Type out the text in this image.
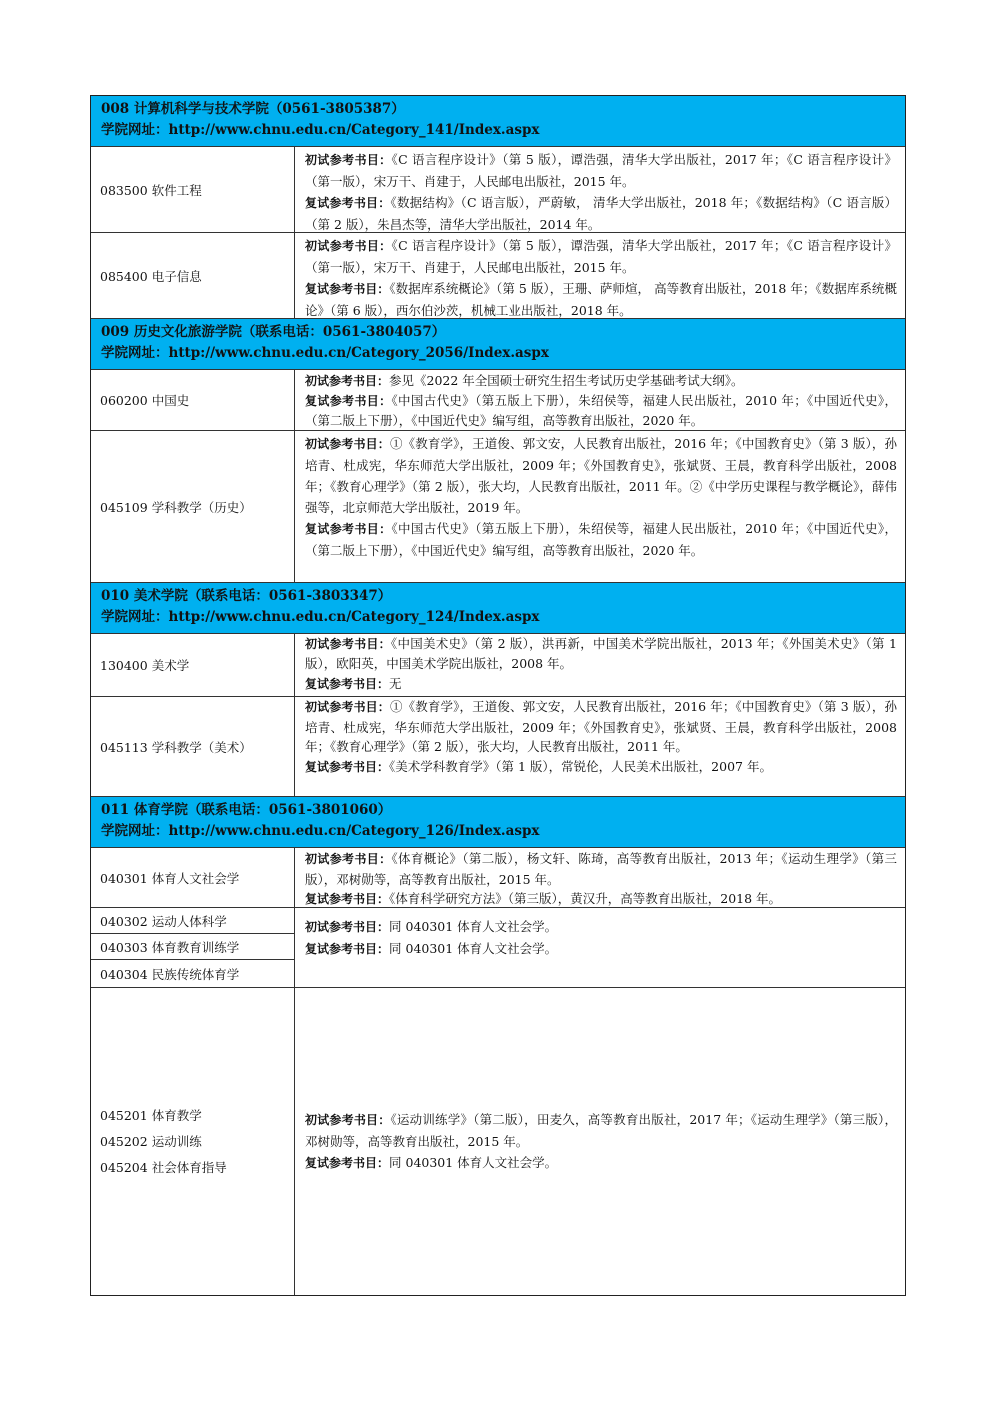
008 计算机科学与技术学院（0561-3805387）
学院网址：http://www.chnu.edu.cn/Category_141/Index.aspx
083500 软件工程
初试参考书目：《C 语言程序设计》（第 5 版），谭浩强，清华大学出版社，2017 年；《C 语言程序设计》（第一版），宋万干、肖建于，人民邮电出版社，2015 年。
复试参考书目：《数据结构》（C 语言版），严蔚敏， 清华大学出版社，2018 年；《数据结构》（C 语言版）（第 2 版），朱昌杰等，清华大学出版社，2014 年。
085400 电子信息
初试参考书目：《C 语言程序设计》（第 5 版），谭浩强，清华大学出版社，2017 年；《C 语言程序设计》（第一版），宋万干、肖建于，人民邮电出版社，2015 年。
复试参考书目：《数据库系统概论》（第 5 版），王珊、萨师煊， 高等教育出版社，2018 年；《数据库系统概论》（第 6 版），西尔伯沙茨，机械工业出版社，2018 年。
009 历史文化旅游学院（联系电话：0561-3804057）
学院网址：http://www.chnu.edu.cn/Category_2056/Index.aspx
060200 中国史
初试参考书目：参见《2022 年全国硕士研究生招生考试历史学基础考试大纲》。
复试参考书目：《中国古代史》（第五版上下册），朱绍侯等，福建人民出版社，2010 年；《中国近代史》，（第二版上下册），《中国近代史》编写组，高等教育出版社，2020 年。
045109 学科教学（历史）
初试参考书目：①《教育学》，王道俊、郭文安，人民教育出版社，2016 年；《中国教育史》（第 3 版），孙培青、杜成宪，华东师范大学出版社，2009 年；《外国教育史》，张斌贤、王晨，教育科学出版社，2008 年；《教育心理学》（第 2 版），张大均，人民教育出版社，2011 年。②《中学历史课程与教学概论》，薛伟强等，北京师范大学出版社，2019 年。
复试参考书目：《中国古代史》（第五版上下册），朱绍侯等，福建人民出版社，2010 年；《中国近代史》，（第二版上下册），《中国近代史》编写组，高等教育出版社，2020 年。
010 美术学院（联系电话：0561-3803347）
学院网址：http://www.chnu.edu.cn/Category_124/Index.aspx
130400 美术学
初试参考书目：《中国美术史》（第 2 版），洪再新，中国美术学院出版社，2013 年；《外国美术史》（第 1 版），欧阳英，中国美术学院出版社，2008 年。
复试参考书目：无
045113 学科教学（美术）
初试参考书目：①《教育学》，王道俊、郭文安，人民教育出版社，2016 年；《中国教育史》（第 3 版），孙培青、杜成宪，华东师范大学出版社，2009 年；《外国教育史》，张斌贤、王晨，教育科学出版社，2008 年；《教育心理学》（第 2 版），张大均，人民教育出版社，2011 年。
复试参考书目：《美术学科教育学》（第 1 版），常锐伦，人民美术出版社，2007 年。
011 体育学院（联系电话：0561-3801060）
学院网址：http://www.chnu.edu.cn/Category_126/Index.aspx
040301 体育人文社会学
初试参考书目：《体育概论》（第二版），杨文轩、陈琦，高等教育出版社，2013 年；《运动生理学》（第三版），邓树勋等，高等教育出版社，2015 年。
复试参考书目：《体育科学研究方法》（第三版），黄汉升，高等教育出版社，2018 年。
040302 运动人体科学
040303 体育教育训练学
040304 民族传统体育学
初试参考书目：同 040301 体育人文社会学。
复试参考书目：同 040301 体育人文社会学。
045201 体育教学
045202 运动训练
045204 社会体育指导
初试参考书目：《运动训练学》（第二版），田麦久，高等教育出版社，2017 年；《运动生理学》（第三版），邓树勋等，高等教育出版社，2015 年。
复试参考书目：同 040301 体育人文社会学。
